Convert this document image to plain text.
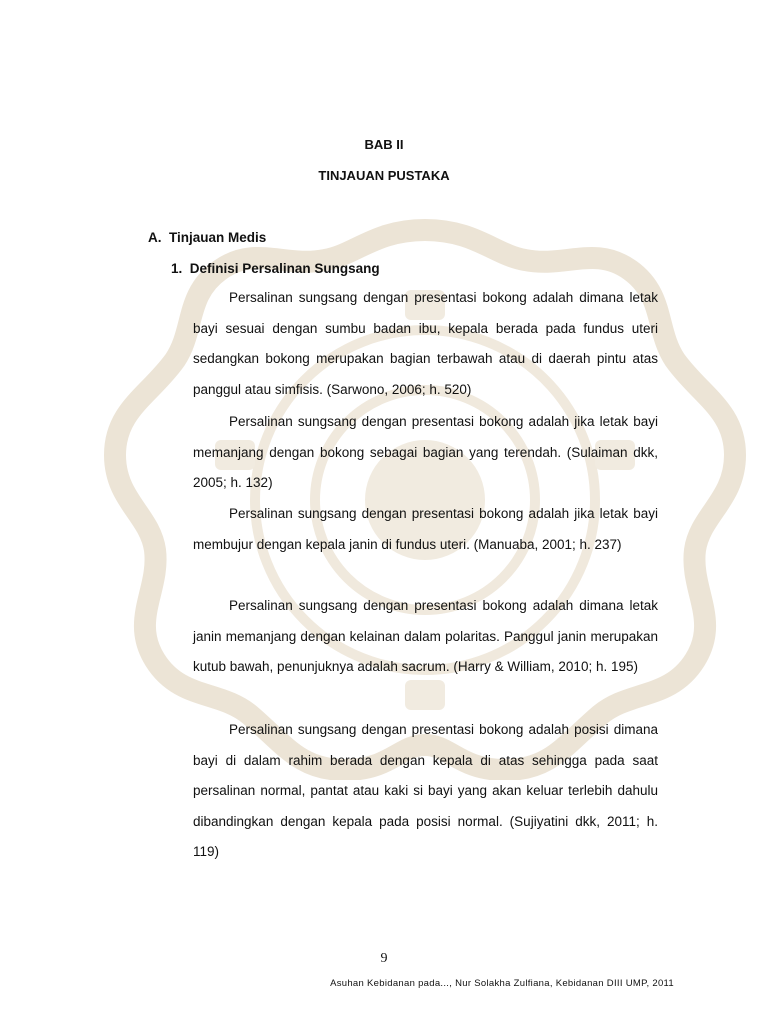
BAB II
TINJAUAN PUSTAKA
A. Tinjauan Medis
1. Definisi Persalinan Sungsang
Persalinan sungsang dengan presentasi bokong adalah dimana letak bayi sesuai dengan sumbu badan ibu, kepala berada pada fundus uteri sedangkan bokong merupakan bagian terbawah atau di daerah pintu atas panggul atau simfisis. (Sarwono, 2006; h. 520)
Persalinan sungsang dengan presentasi bokong adalah jika letak bayi memanjang dengan bokong sebagai bagian yang terendah. (Sulaiman dkk, 2005; h. 132)
Persalinan sungsang dengan presentasi bokong adalah jika letak bayi membujur dengan kepala janin di fundus uteri. (Manuaba, 2001; h. 237)
Persalinan sungsang dengan presentasi bokong adalah dimana letak janin memanjang dengan kelainan dalam polaritas. Panggul janin merupakan kutub bawah, penunjuknya adalah sacrum. (Harry & William, 2010; h. 195)
Persalinan sungsang dengan presentasi bokong adalah posisi dimana bayi di dalam rahim berada dengan kepala di atas sehingga pada saat persalinan normal, pantat atau kaki si bayi yang akan keluar terlebih dahulu dibandingkan dengan kepala pada posisi normal. (Sujiyatini dkk, 2011; h. 119)
9
Asuhan Kebidanan pada..., Nur Solakha Zulfiana, Kebidanan DIII UMP, 2011
